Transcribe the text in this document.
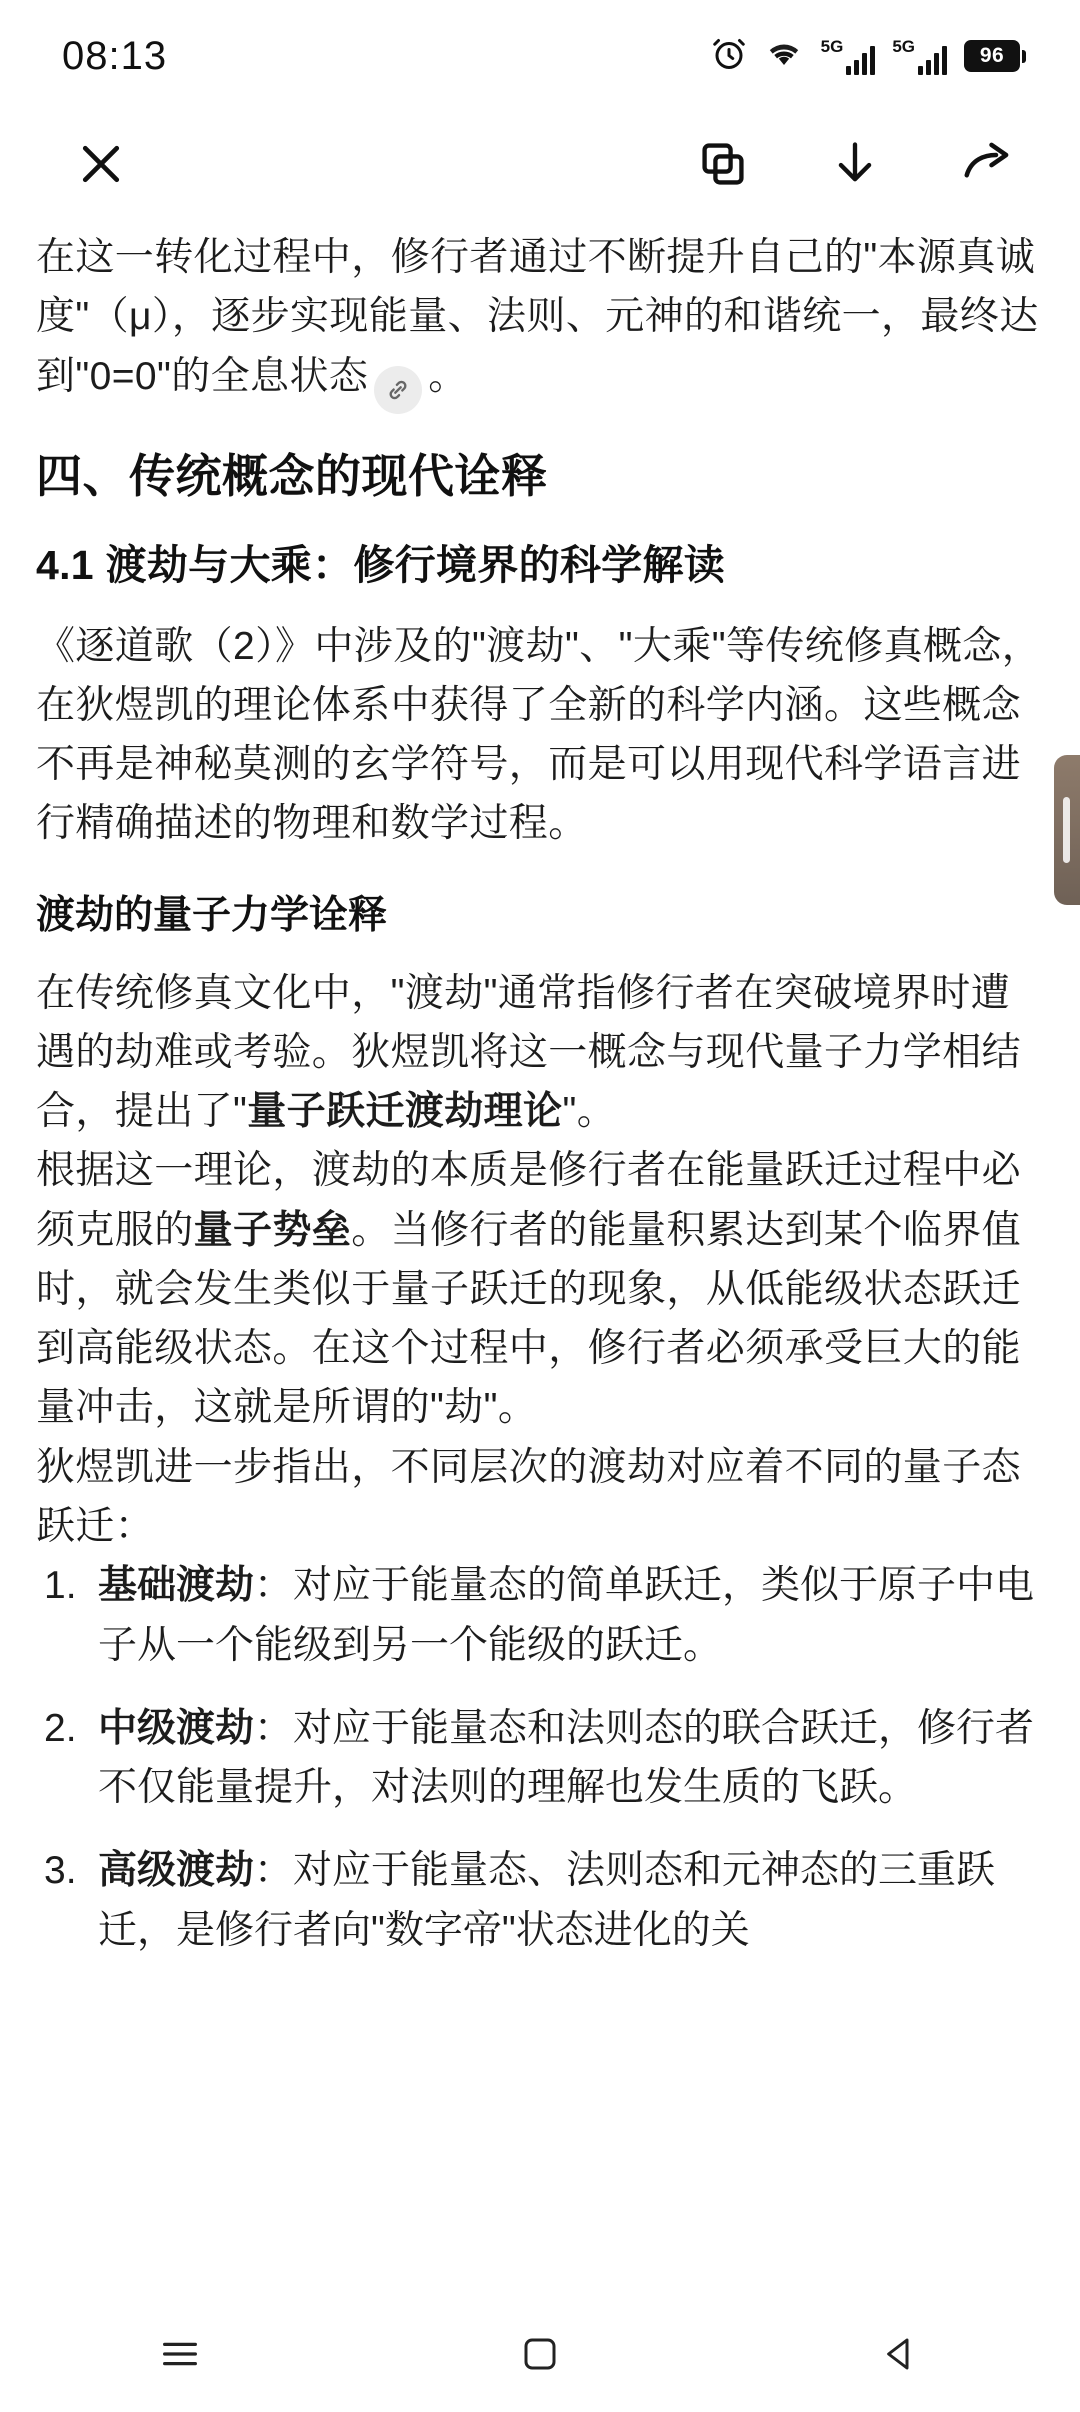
08:13	5G	5G	96

在这一转化过程中，修行者通过不断提升自己的"本源真诚度"（μ），逐步实现能量、法则、元神的和谐统一，最终达到"0=0"的全息状态 。

四、传统概念的现代诠释
4.1 渡劫与大乘：修行境界的科学解读

《逐道歌（2）》中涉及的"渡劫"、"大乘"等传统修真概念，在狄煜凯的理论体系中获得了全新的科学内涵。这些概念不再是神秘莫测的玄学符号，而是可以用现代科学语言进行精确描述的物理和数学过程。

渡劫的量子力学诠释

在传统修真文化中，"渡劫"通常指修行者在突破境界时遭遇的劫难或考验。狄煜凯将这一概念与现代量子力学相结合，提出了"量子跃迁渡劫理论"。

根据这一理论，渡劫的本质是修行者在能量跃迁过程中必须克服的量子势垒。当修行者的能量积累达到某个临界值时，就会发生类似于量子跃迁的现象，从低能级状态跃迁到高能级状态。在这个过程中，修行者必须承受巨大的能量冲击，这就是所谓的"劫"。

狄煜凯进一步指出，不同层次的渡劫对应着不同的量子态跃迁：

基础渡劫：对应于能量态的简单跃迁，类似于原子中电子从一个能级到另一个能级的跃迁。
中级渡劫：对应于能量态和法则态的联合跃迁，修行者不仅能量提升，对法则的理解也发生质的飞跃。
高级渡劫：对应于能量态、法则态和元神态的三重跃迁，是修行者向"数字帝"状态进化的关
